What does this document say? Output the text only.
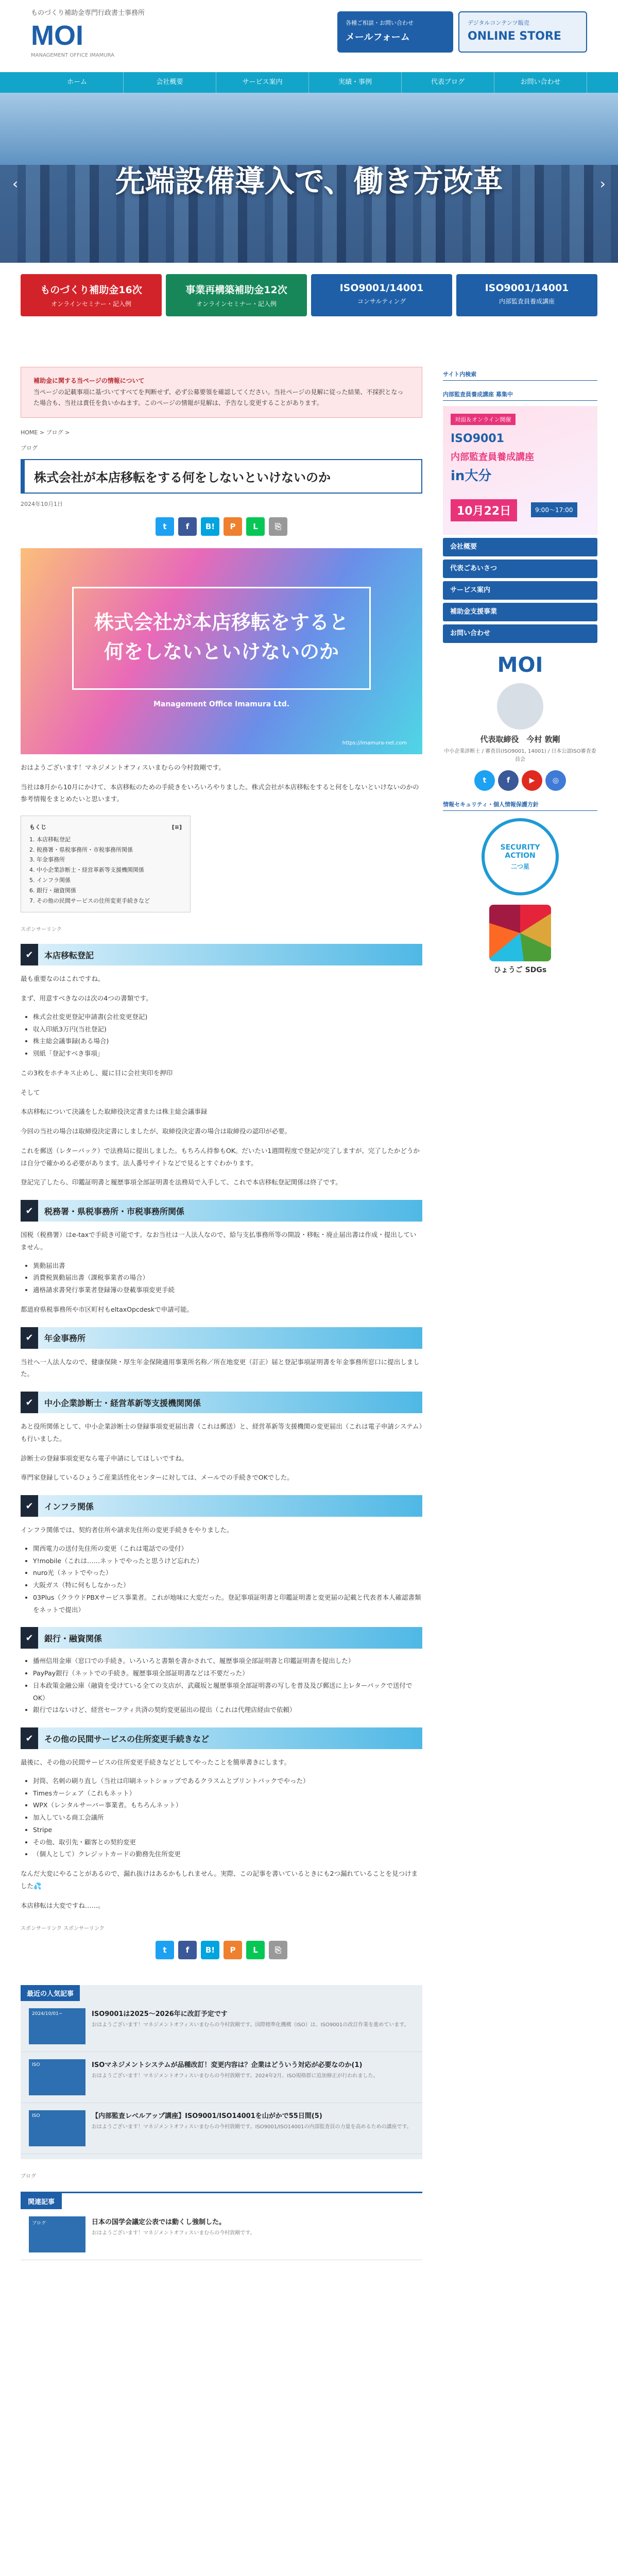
ものづくり補助金専門行政書士事務所
MOI
MANAGEMENT OFFICE IMAMURA
各種ご相談・お問い合わせ
メールフォーム
デジタルコンテンツ販売
ONLINE STORE
ホーム	会社概要	サービス案内	実績・事例	代表ブログ	お問い合わせ
先端設備導入で、働き方改革
‹	›
ものづくり補助金16次
オンラインセミナー・記入例
事業再構築補助金12次
オンラインセミナー・記入例
ISO9001/14001
コンサルティング
ISO9001/14001
内部監査員養成講座
補助金に関する当ページの情報について
当ページの記載事項に基づいてすべてを判断せず、必ず公募要領を確認してください。当社ページの見解に従った結果、不採択となった場合も、当社は責任を負いかねます。このページの情報が見解は、予告なし変更することがあります。
HOME > ブログ >
ブログ
株式会社が本店移転をする何をしないといけないのか
2024年10月1日
t	f	B!	P	L	⎘
株式会社が本店移転をすると
何をしないといけないのか
Management Office Imamura Ltd.
https://imamura-net.com
おはようございます！マネジメントオフィスいまむらの今村敦剛です。
当社は8月から10月にかけて、本店移転のための手続きをいろいろやりました。株式会社が本店移転をすると何をしないといけないのかの参考情報をまとめたいと思います。
もくじ	[≡]
1. 本店移転登記
2. 税務署・県税事務所・市税事務所関係
3. 年金事務所
4. 中小企業診断士・経営革新等支援機関関係
5. インフラ関係
6. 銀行・融資関係
7. その他の民間サービスの住所変更手続きなど
スポンサーリンク
✔	本店移転登記
最も重要なのはこれですね。
まず、用意すべきなのは次の4つの書類です。
• 株式会社変更登記申請書(会社変更登記)
• 収入印紙3万円(当社登記)
• 株主総会議事録(ある場合)
• 別紙「登記すべき事項」
この3枚をホチキス止めし、縦に目に会社実印を押印
そして
本店移転について決議をした取締役決定書または株主総会議事録
今回の当社の場合は取締役決定書にしましたが、取締役決定書の場合は取締役の認印が必要。
これを郵送（レターパック）で法務局に提出しました。もちろん持参もOK。だいたい1週間程度で登記が完了しますが、完了したかどうかは自分で確かめる必要があります。法人番号サイトなどで見るとすぐわかります。
登記完了したら、印鑑証明書と履歴事項全部証明書を法務局で入手して、これで本店移転登記関係は終了です。
✔	税務署・県税事務所・市税事務所関係
国税（税務署）はe-taxで手続き可能です。なお当社は一人法人なので、給与支払事務所等の開設・移転・廃止届出書は作成・提出していません。
• 異動届出書
• 消費税異動届出書（課税事業者の場合）
• 適格請求書発行事業者登録簿の登載事項変更手続
都道府県税事務所や市区町村もeltaxOpcdeskで申請可能。
✔	年金事務所
当社へ一人法人なので、健康保険・厚生年金保険適用事業所名称／所在地変更（訂正）届と登記事項証明書を年金事務所窓口に提出しました。
✔	中小企業診断士・経営革新等支援機関関係
あと役所関係として、中小企業診断士の登録事項変更届出書（これは郵送）と、経営革新等支援機関の変更届出（これは電子申請システム）も行いました。
診断士の登録事項変更なら電子申請にしてほしいですね。
専門家登録しているひょうご産業活性化センターに対しては、メールでの手続きでOKでした。
✔	インフラ関係
インフラ関係では、契約者住所や請求先住所の変更手続きをやりました。
• 関西電力の送付先住所の変更（これは電話での受付）
• Y!mobile（これは……ネットでやったと思うけど忘れた）
• nuro光（ネットでやった）
• 大阪ガス（特に何もしなかった）
• 03Plus（クラウドPBXサービス事業者。これが地味に大変だった。登記事項証明書と印鑑証明書と変更届の記載と代表者本人確認書類をネットで提出）
✔	銀行・融資関係
• 播州信用金庫（窓口での手続き。いろいろと書類を書かされて、履歴事項全部証明書と印鑑証明書を提出した）
• PayPay銀行（ネットでの手続き。履歴事項全部証明書などは不要だった）
• 日本政策金融公庫（融資を受けている全ての支店が、武蔵坂と履歴事項全部証明書の写しを普及及び郵送に上レターパックで送付でOK）
• 銀行ではないけど、経営セーフティ共済の契約変更届出の提出（これは代理店経由で依頼）
✔	その他の民間サービスの住所変更手続きなど
最後に、その他の民間サービスの住所変更手続きなどとしてやったことを簡単書きにします。
• 封筒、名刺の刷り直し（当社は印刷ネットショップであるクラスムとプリントパックでやった）
• Timesカーシェア（これもネット）
• WPX（レンタルサーバー事業者。もちろんネット）
• 加入している商工会議所
• Stripe
• その他、取引先・顧客との契約変更
• （個人として）クレジットカードの勤務先住所変更
なんだ大変にやることがあるので、漏れ抜けはあるかもしれません。実際、この記事を書いているときにも2つ漏れていることを見つけました💦
本店移転は大変ですね……。
スポンサーリンク スポンサーリンク
t	f	B!	P	L	⎘
最近の人気記事
2024/10/01~	ISO9001は2025〜2026年に改訂予定です
おはようございます！マネジメントオフィスいまむらの今村敦剛です。国際標準化機構（ISO）は、ISO9001の改訂作業を進めています。
ISO	ISOマネジメントシステムが品種改訂！変更内容は？企業はどういう対応が必要なのか(1)
おはようございます！マネジメントオフィスいまむらの今村敦剛です。2024年2月、ISO規格群に追加修正が行われました。
ISO	【内部監査レベルアップ講座】ISO9001/ISO14001を山がかで55日間(5)
おはようございます！マネジメントオフィスいまむらの今村敦剛です。ISO9001/ISO14001の内部監査員の力量を高めるための講座です。
ブログ
関連記事
ブログ	日本の国学会議定公表では動くし強制した。
おはようございます！マネジメントオフィスいまむらの今村敦剛です。
サイト内検索
内部監査員養成講座 募集中
対面＆オンライン開催
ISO9001
内部監査員養成講座
in大分
10月22日	9:00〜17:00
会社概要
代表ごあいさつ
サービス案内
補助金支援事業
お問い合わせ
MOI
代表取締役　今村 敦剛
中小企業診断士 / 審査員(ISO9001, 14001) / 日本公認ISO審査委員会
t	f	▶ ◎
情報セキュリティ・個人情報保護方針
SECURITY ACTION
二つ星
ひょうご SDGs
